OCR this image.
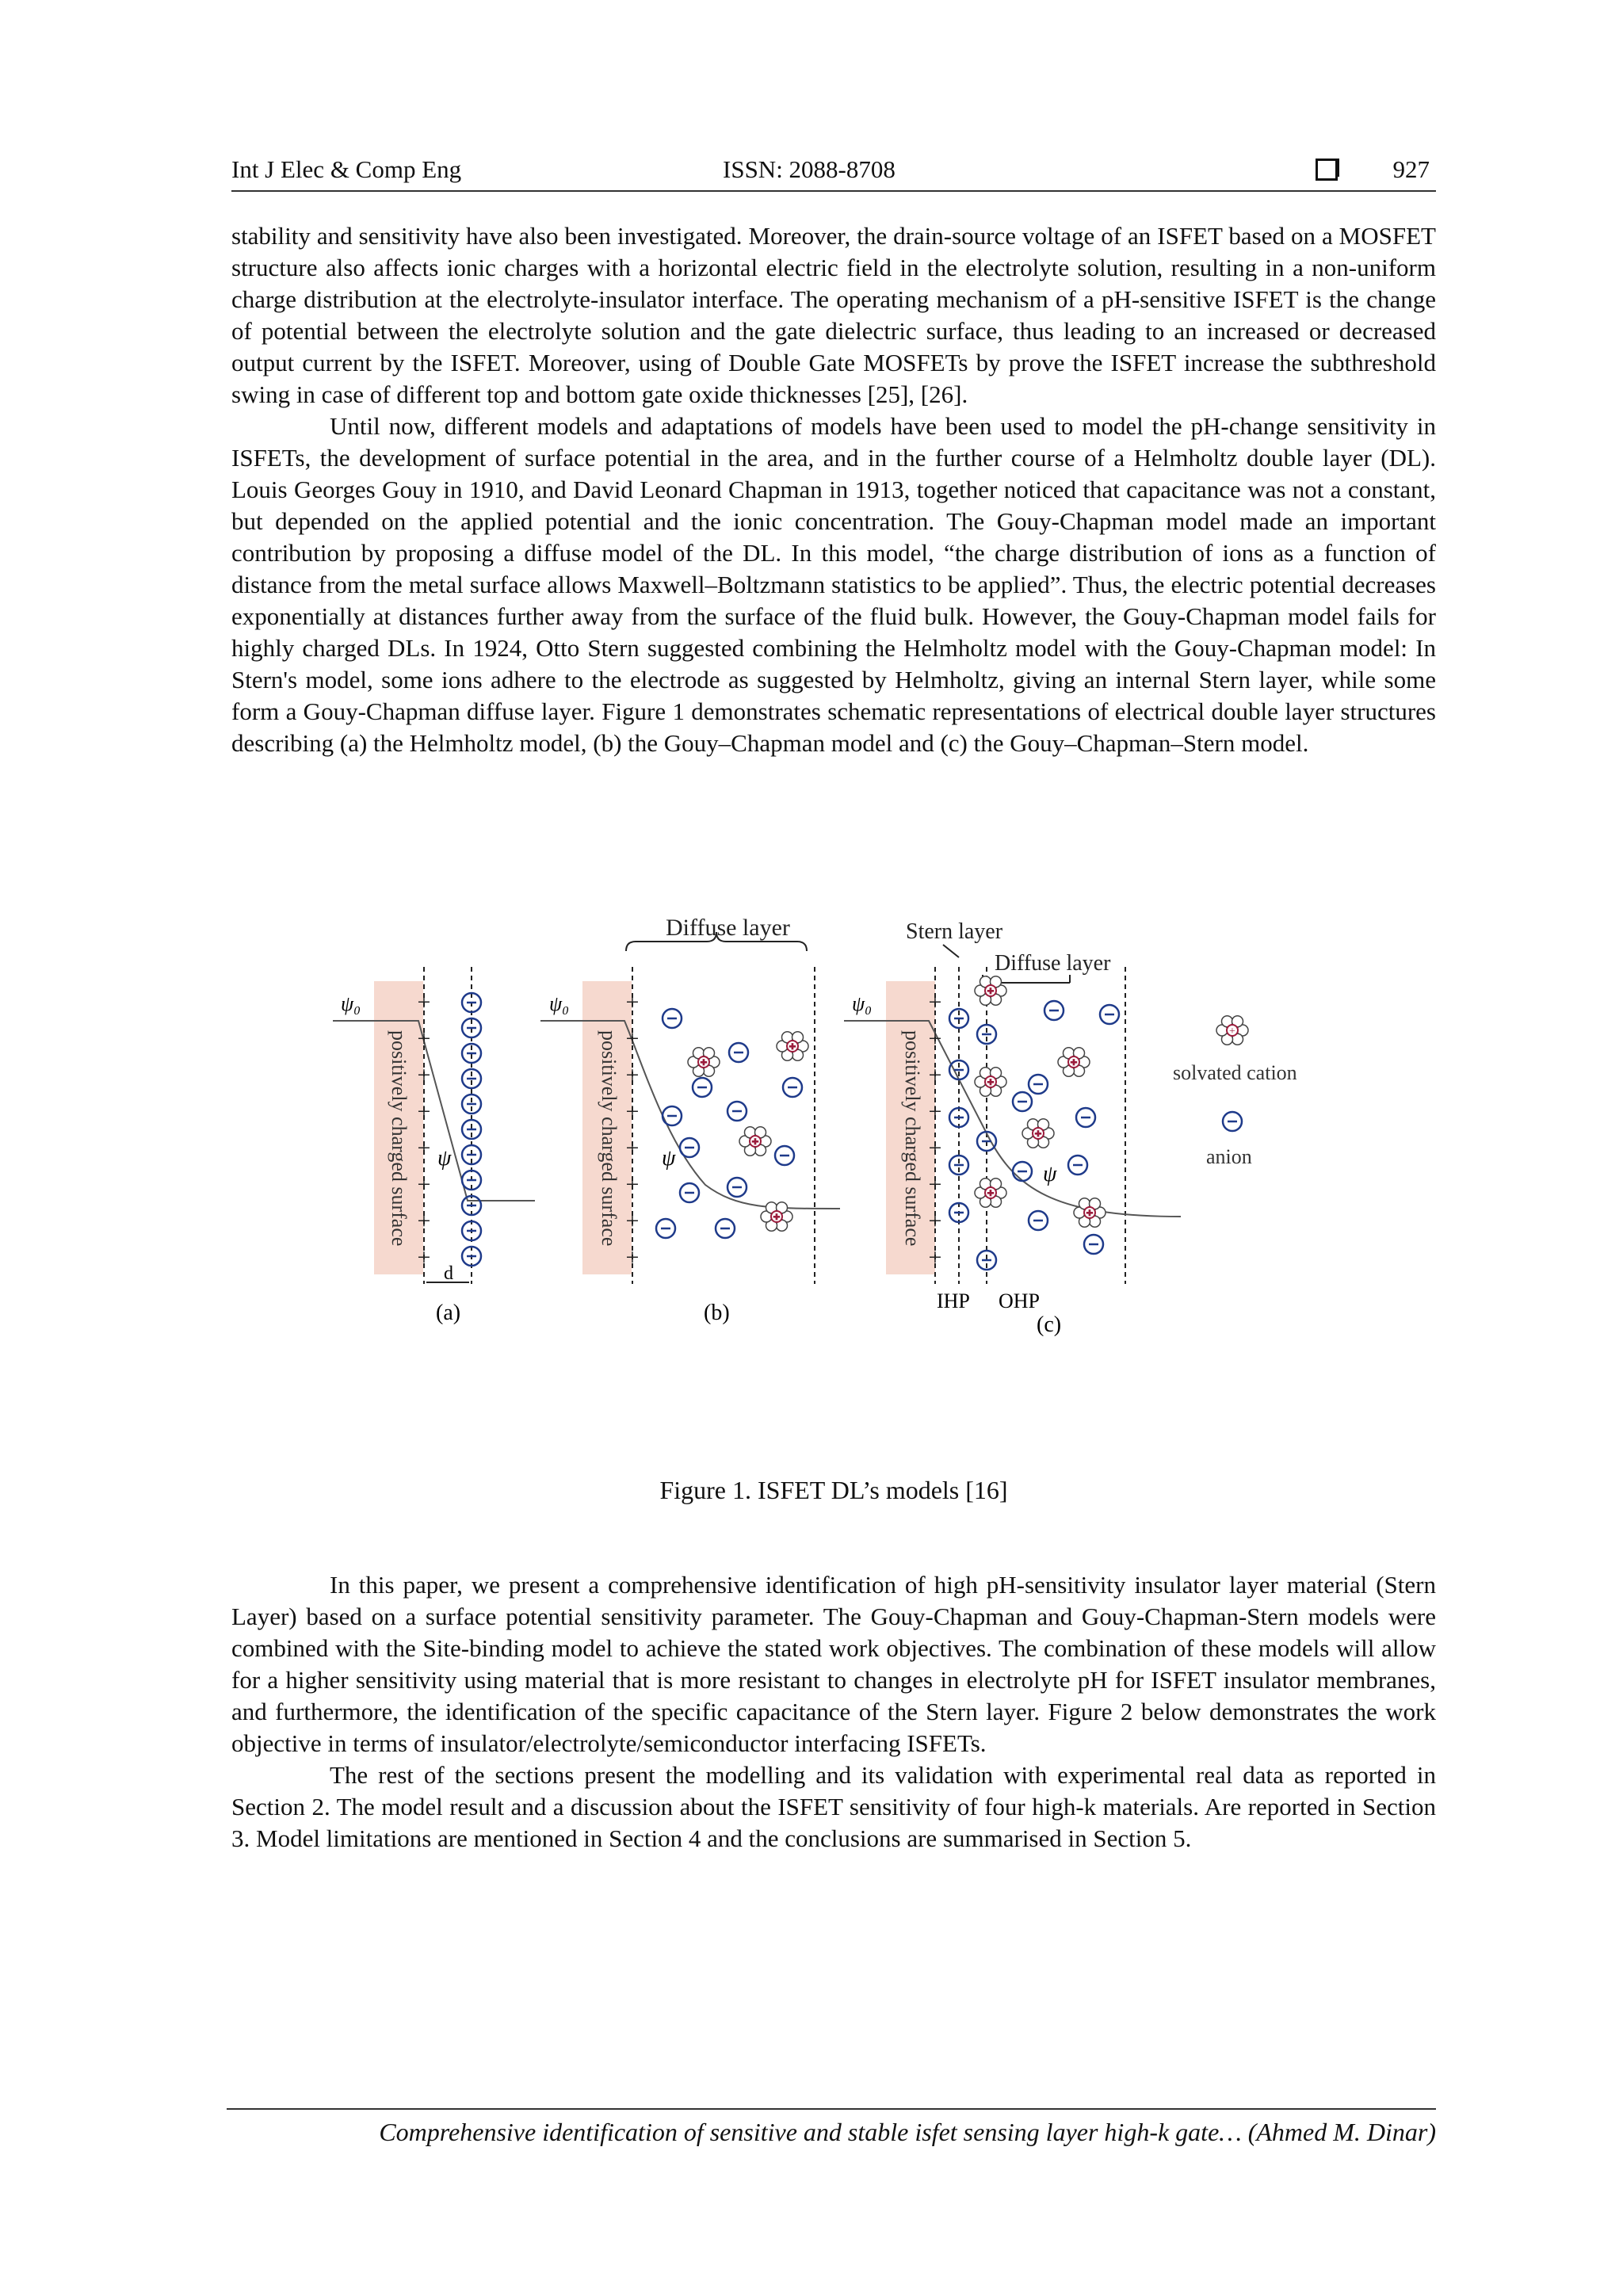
Int J Elec & Comp Eng	ISSN: 2088-8708	927

stability and sensitivity have also been investigated. Moreover, the drain-source voltage of an ISFET based on a MOSFET structure also affects ionic charges with a horizontal electric field in the electrolyte solution, resulting in a non-uniform charge distribution at the electrolyte-insulator interface. The operating mechanism of a pH-sensitive ISFET is the change of potential between the electrolyte solution and the gate dielectric surface, thus leading to an increased or decreased output current by the ISFET. Moreover, using of Double Gate MOSFETs by prove the ISFET increase the subthreshold swing in case of different top and bottom gate oxide thicknesses [25], [26].

Until now, different models and adaptations of models have been used to model the pH-change sensitivity in ISFETs, the development of surface potential in the area, and in the further course of a Helmholtz double layer (DL). Louis Georges Gouy in 1910, and David Leonard Chapman in 1913, together noticed that capacitance was not a constant, but depended on the applied potential and the ionic concentration. The Gouy-Chapman model made an important contribution by proposing a diffuse model of the DL. In this model, “the charge distribution of ions as a function of distance from the metal surface allows Maxwell–Boltzmann statistics to be applied”. Thus, the electric potential decreases exponentially at distances further away from the surface of the fluid bulk. However, the Gouy-Chapman model fails for highly charged DLs. In 1924, Otto Stern suggested combining the Helmholtz model with the Gouy-Chapman model: In Stern's model, some ions adhere to the electrode as suggested by Helmholtz, giving an internal Stern layer, while some form a Gouy-Chapman diffuse layer. Figure 1 demonstrates schematic representations of electrical double layer structures describing (a) the Helmholtz model, (b) the Gouy–Chapman model and (c) the Gouy–Chapman–Stern model.

Diffuse layer	Stern layer
Diffuse layer
positively charged surface
ψ₀
ψ
+
+
+
+
+
+
+
+
d
(a)
positively charged surface
ψ₀
ψ
+
+
+
+
+
+
+
+
+
+
+
+
(b)
positively charged surface
ψ₀
ψ
+
+
+
+
+
+
+
+
+
+
+
+
+
+
IHP OHP
(c)
solvated cation
anion
+
Figure 1. ISFET DL’s models [16]

In this paper, we present a comprehensive identification of high pH-sensitivity insulator layer material (Stern Layer) based on a surface potential sensitivity parameter. The Gouy-Chapman and Gouy-Chapman-Stern models were combined with the Site-binding model to achieve the stated work objectives. The combination of these models will allow for a higher sensitivity using material that is more resistant to changes in electrolyte pH for ISFET insulator membranes, and furthermore, the identification of the specific capacitance of the Stern layer. Figure 2 below demonstrates the work objective in terms of insulator/electrolyte/semiconductor interfacing ISFETs.

The rest of the sections present the modelling and its validation with experimental real data as reported in Section 2. The model result and a discussion about the ISFET sensitivity of four high-k materials. Are reported in Section 3. Model limitations are mentioned in Section 4 and the conclusions are summarised in Section 5.

Comprehensive identification of sensitive and stable isfet sensing layer high-k gate… (Ahmed M. Dinar)
